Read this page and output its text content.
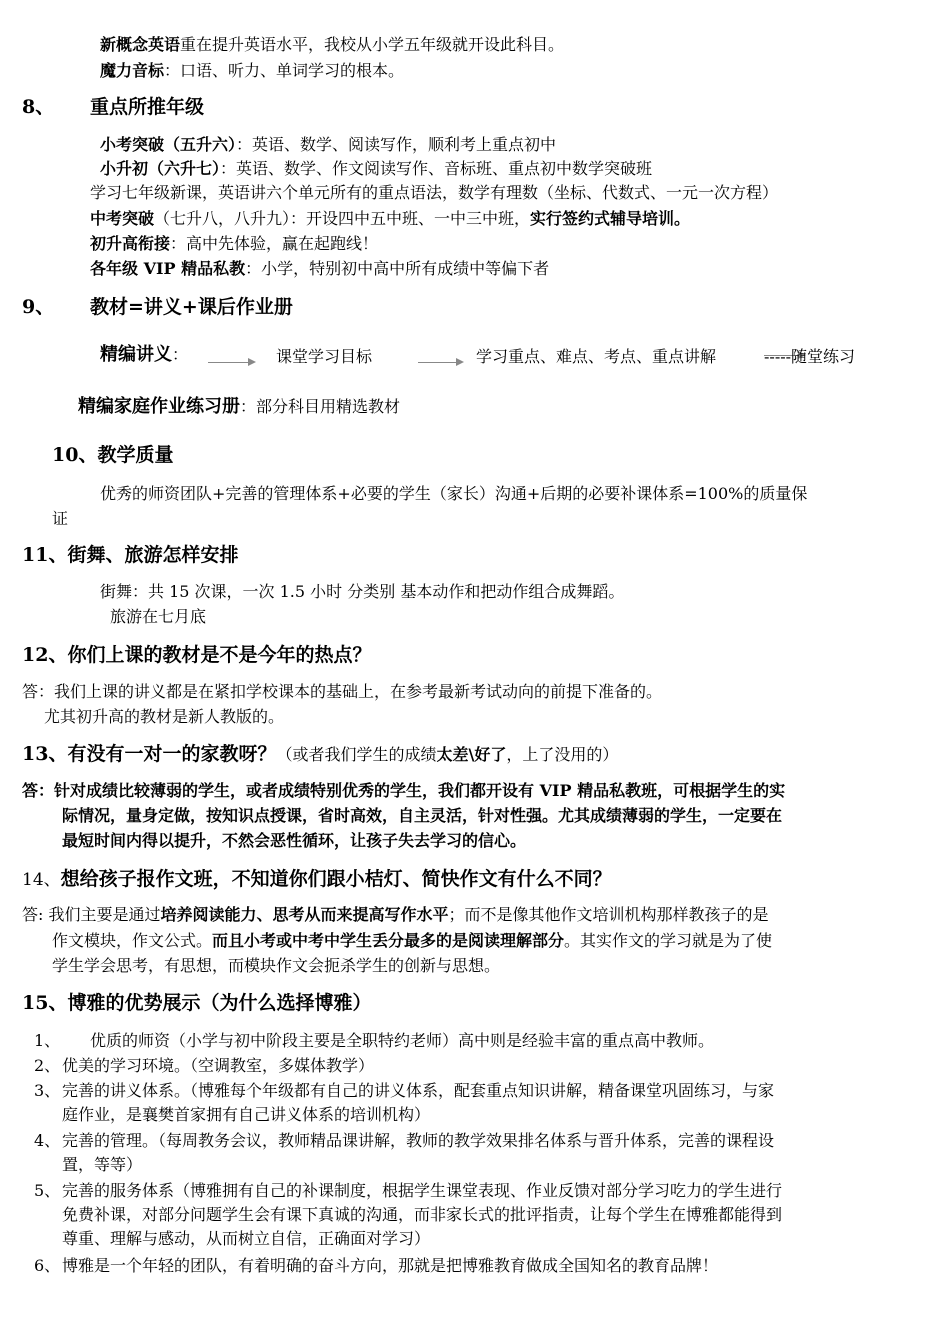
新概念英语重在提升英语水平，我校从小学五年级就开设此科目。
魔力音标：口语、听力、单词学习的根本。
8、 重点所推年级
小考突破（五升六）：英语、数学、阅读写作，顺利考上重点初中
小升初（六升七）：英语、数学、作文阅读写作、音标班、重点初中数学突破班
学习七年级新课，英语讲六个单元所有的重点语法，数学有理数（坐标、代数式、一元一次方程）
中考突破（七升八，八升九）：开设四中五中班、一中三中班，实行签约式辅导培训。
初升高衔接：高中先体验，赢在起跑线！
各年级 VIP 精品私教：小学，特别初中高中所有成绩中等偏下者
9、 教材=讲义+课后作业册
精编讲义：	课堂学习目标	学习重点、难点、考点、重点讲解	-----随堂练习
精编家庭作业练习册：部分科目用精选教材
10、教学质量
优秀的师资团队+完善的管理体系+必要的学生（家长）沟通+后期的必要补课体系=100%的质量保
证
11、街舞、旅游怎样安排
街舞：共 15 次课，一次 1.5 小时 分类别 基本动作和把动作组合成舞蹈。
旅游在七月底
12、你们上课的教材是不是今年的热点？
答：我们上课的讲义都是在紧扣学校课本的基础上，在参考最新考试动向的前提下准备的。
尤其初升高的教材是新人教版的。
13、有没有一对一的家教呀？（或者我们学生的成绩太差\好了，上了没用的）
答：针对成绩比较薄弱的学生，或者成绩特别优秀的学生，我们都开设有 VIP 精品私教班，可根据学生的实
际情况，量身定做，按知识点授课，省时高效，自主灵活，针对性强。尤其成绩薄弱的学生，一定要在
最短时间内得以提升，不然会恶性循环，让孩子失去学习的信心。
14、想给孩子报作文班，不知道你们跟小桔灯、简快作文有什么不同？
答: 我们主要是通过培养阅读能力、思考从而来提高写作水平；而不是像其他作文培训机构那样教孩子的是
作文模块，作文公式。而且小考或中考中学生丢分最多的是阅读理解部分。其实作文的学习就是为了使
学生学会思考，有思想，而模块作文会扼杀学生的创新与思想。
15、博雅的优势展示（为什么选择博雅）
1、 优质的师资（小学与初中阶段主要是全职特约老师）高中则是经验丰富的重点高中教师。
2、 优美的学习环境。（空调教室，多媒体教学）
3、 完善的讲义体系。（博雅每个年级都有自己的讲义体系，配套重点知识讲解，精备课堂巩固练习，与家
庭作业，是襄樊首家拥有自己讲义体系的培训机构）
4、 完善的管理。（每周教务会议，教师精品课讲解，教师的教学效果排名体系与晋升体系，完善的课程设
置，等等）
5、 完善的服务体系（博雅拥有自己的补课制度，根据学生课堂表现、作业反馈对部分学习吃力的学生进行
免费补课，对部分问题学生会有课下真诚的沟通，而非家长式的批评指责，让每个学生在博雅都能得到
尊重、理解与感动，从而树立自信，正确面对学习）
6、 博雅是一个年轻的团队，有着明确的奋斗方向，那就是把博雅教育做成全国知名的教育品牌！
